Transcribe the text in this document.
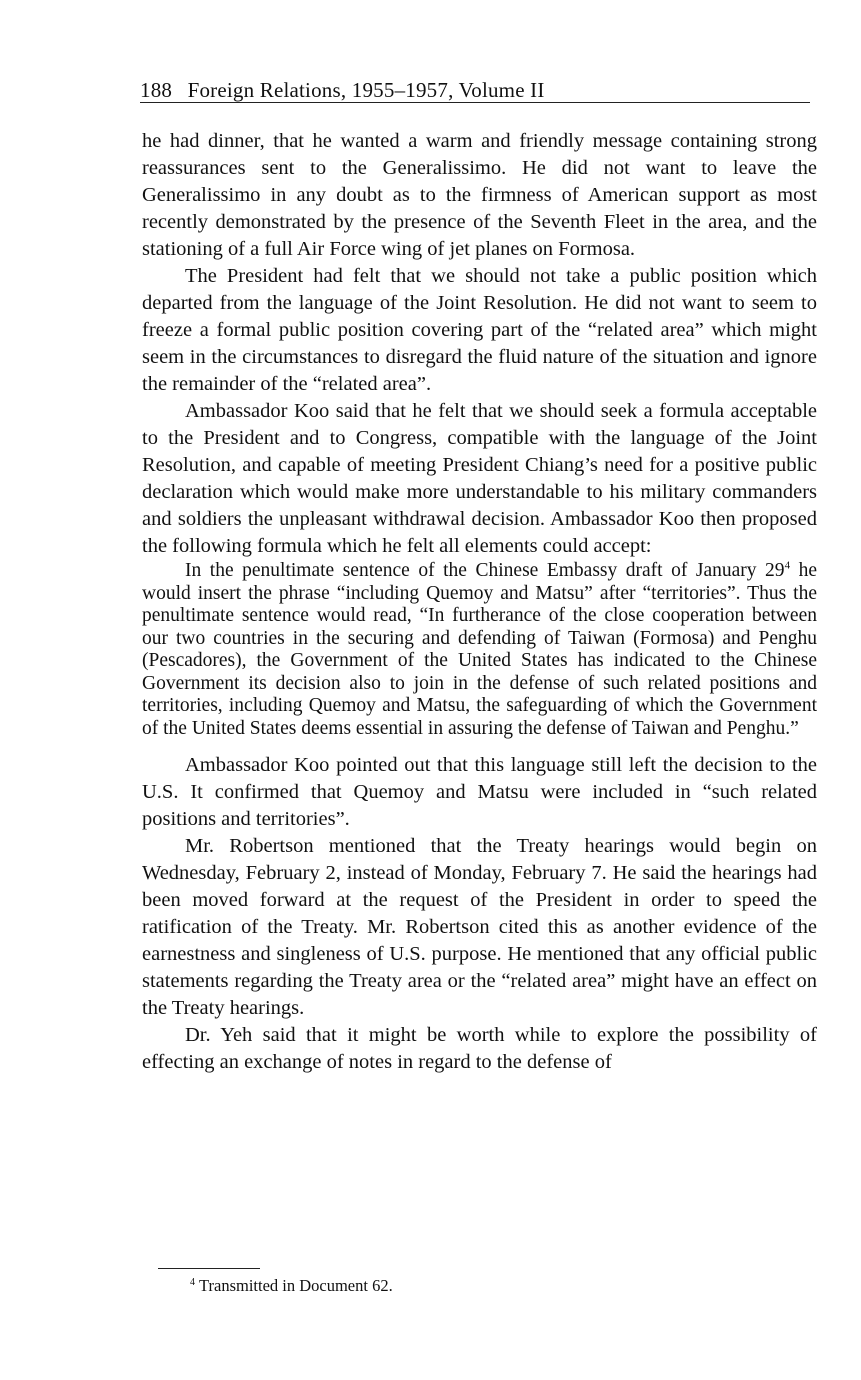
188 Foreign Relations, 1955–1957, Volume II

he had dinner, that he wanted a warm and friendly message containing strong reassurances sent to the Generalissimo. He did not want to leave the Generalissimo in any doubt as to the firmness of American support as most recently demonstrated by the presence of the Seventh Fleet in the area, and the stationing of a full Air Force wing of jet planes on Formosa.

The President had felt that we should not take a public position which departed from the language of the Joint Resolution. He did not want to seem to freeze a formal public position covering part of the “related area” which might seem in the circumstances to disregard the fluid nature of the situation and ignore the remainder of the “related area”.

Ambassador Koo said that he felt that we should seek a formula acceptable to the President and to Congress, compatible with the language of the Joint Resolution, and capable of meeting President Chiang’s need for a positive public declaration which would make more understandable to his military commanders and soldiers the unpleasant withdrawal decision. Ambassador Koo then proposed the following formula which he felt all elements could accept:

In the penultimate sentence of the Chinese Embassy draft of January $29^4$ he would insert the phrase “including Quemoy and Matsu” after “territories”. Thus the penultimate sentence would read, “In furtherance of the close cooperation between our two countries in the securing and defending of Taiwan (Formosa) and Penghu (Pescadores), the Government of the United States has indicated to the Chinese Government its decision also to join in the defense of such related positions and territories, including Quemoy and Matsu, the safeguarding of which the Government of the United States deems essential in assuring the defense of Taiwan and Penghu.”

Ambassador Koo pointed out that this language still left the decision to the U.S. It confirmed that Quemoy and Matsu were included in “such related positions and territories”.

Mr. Robertson mentioned that the Treaty hearings would begin on Wednesday, February 2, instead of Monday, February 7. He said the hearings had been moved forward at the request of the President in order to speed the ratification of the Treaty. Mr. Robertson cited this as another evidence of the earnestness and singleness of U.S. purpose. He mentioned that any official public statements regarding the Treaty area or the “related area” might have an effect on the Treaty hearings.

Dr. Yeh said that it might be worth while to explore the possibility of effecting an exchange of notes in regard to the defense of

$^4$ Transmitted in Document 62.
